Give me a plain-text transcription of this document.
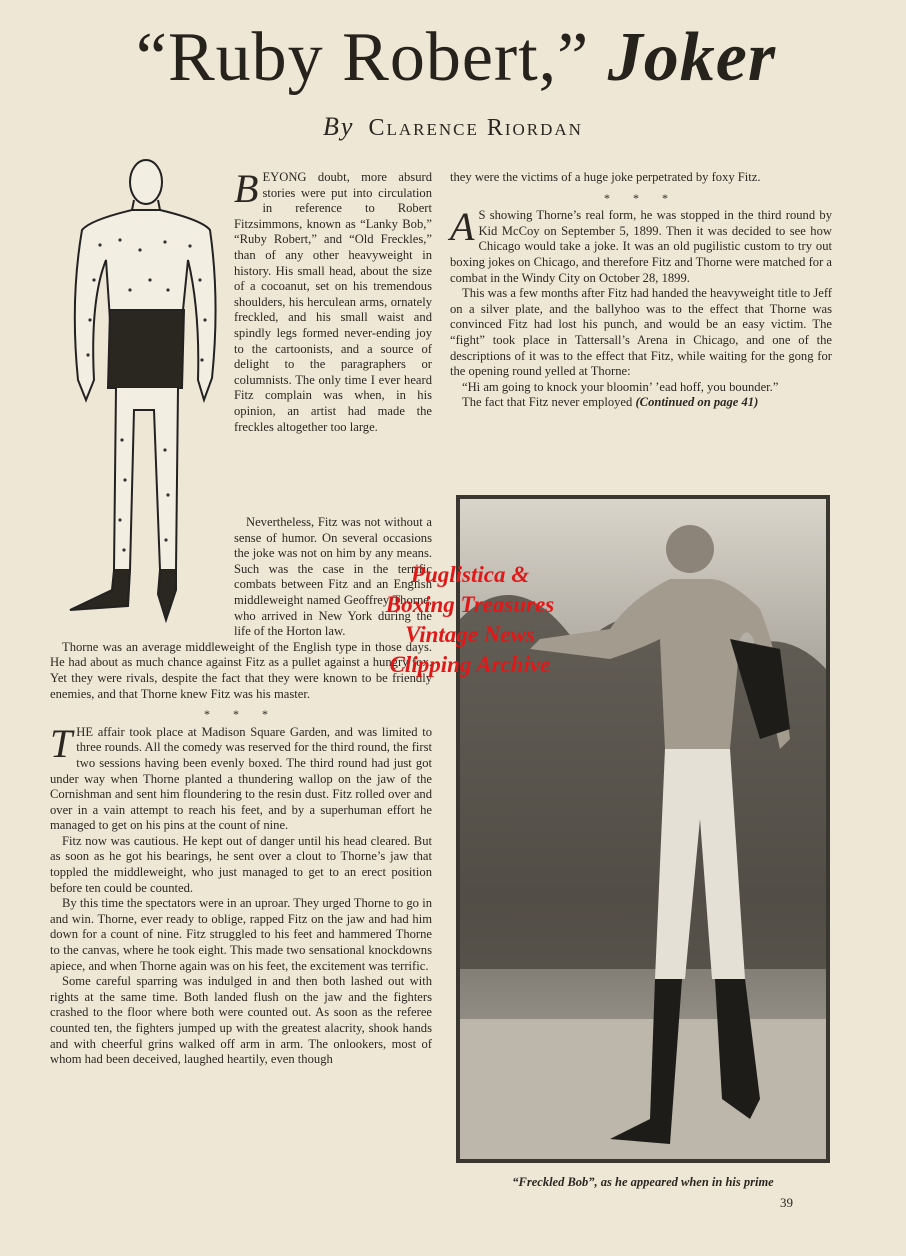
“Ruby Robert,” Joker
By Clarence Riordan

BEYONG doubt, more absurd stories were put into circulation in reference to Robert Fitzsimmons, known as “Lanky Bob,” “Ruby Robert,” and “Old Freckles,” than of any other heavyweight in history. His small head, about the size of a cocoanut, set on his tremendous shoulders, his herculean arms, ornately freckled, and his small waist and spindly legs formed never-ending joy to the cartoonists, and a source of delight to the paragraphers or columnists. The only time I ever heard Fitz complain was when, in his opinion, an artist had made the freckles altogether too large.

Nevertheless, Fitz was not without a sense of humor. On several occasions the joke was not on him by any means. Such was the case in the terrific combats between Fitz and an English middleweight named Geoffrey Thorne, who arrived in New York during the life of the Horton law.

Thorne was an average middleweight of the English type in those days. He had about as much chance against Fitz as a pullet against a hungry fox. Yet they were rivals, despite the fact that they were known to be friendly enemies, and that Thorne knew Fitz was his master.

* * *

THE affair took place at Madison Square Garden, and was limited to three rounds. All the comedy was reserved for the third round, the first two sessions having been evenly boxed. The third round had just got under way when Thorne planted a thundering wallop on the jaw of the Cornishman and sent him floundering to the resin dust. Fitz rolled over and over in a vain attempt to reach his feet, and by a superhuman effort he managed to get on his pins at the count of nine.

Fitz now was cautious. He kept out of danger until his head cleared. But as soon as he got his bearings, he sent over a clout to Thorne’s jaw that toppled the middleweight, who just managed to get to an erect position before ten could be counted.

By this time the spectators were in an uproar. They urged Thorne to go in and win. Thorne, ever ready to oblige, rapped Fitz on the jaw and had him down for a count of nine. Fitz struggled to his feet and hammered Thorne to the canvas, where he took eight. This made two sensational knockdowns apiece, and when Thorne again was on his feet, the excitement was terrific.

Some careful sparring was indulged in and then both lashed out with rights at the same time. Both landed flush on the jaw and the fighters crashed to the floor where both were counted out. As soon as the referee counted ten, the fighters jumped up with the greatest alacrity, shook hands and with cheerful grins walked off arm in arm. The onlookers, most of whom had been deceived, laughed heartily, even though

they were the victims of a huge joke perpetrated by foxy Fitz.

* * *

A S showing Thorne’s real form, he was stopped in the third round by Kid McCoy on September 5, 1899. Then it was decided to see how Chicago would take a joke. It was an old pugilistic custom to try out boxing jokes on Chicago, and therefore Fitz and Thorne were matched for a combat in the Windy City on October 28, 1899.

This was a few months after Fitz had handed the heavyweight title to Jeff on a silver plate, and the ballyhoo was to the effect that Thorne was convinced Fitz had lost his punch, and would be an easy victim. The “fight” took place in Tattersall’s Arena in Chicago, and one of the descriptions of it was to the effect that Fitz, while waiting for the gong for the opening round yelled at Thorne:

“Hi am going to knock your bloomin’ ’ead hoff, you bounder.”

The fact that Fitz never employed (Continued on page 41)

“Freckled Bob”, as he appeared when in his prime
39
Puglistica &
Boxing Treasures
Vintage News
Clipping Archive
